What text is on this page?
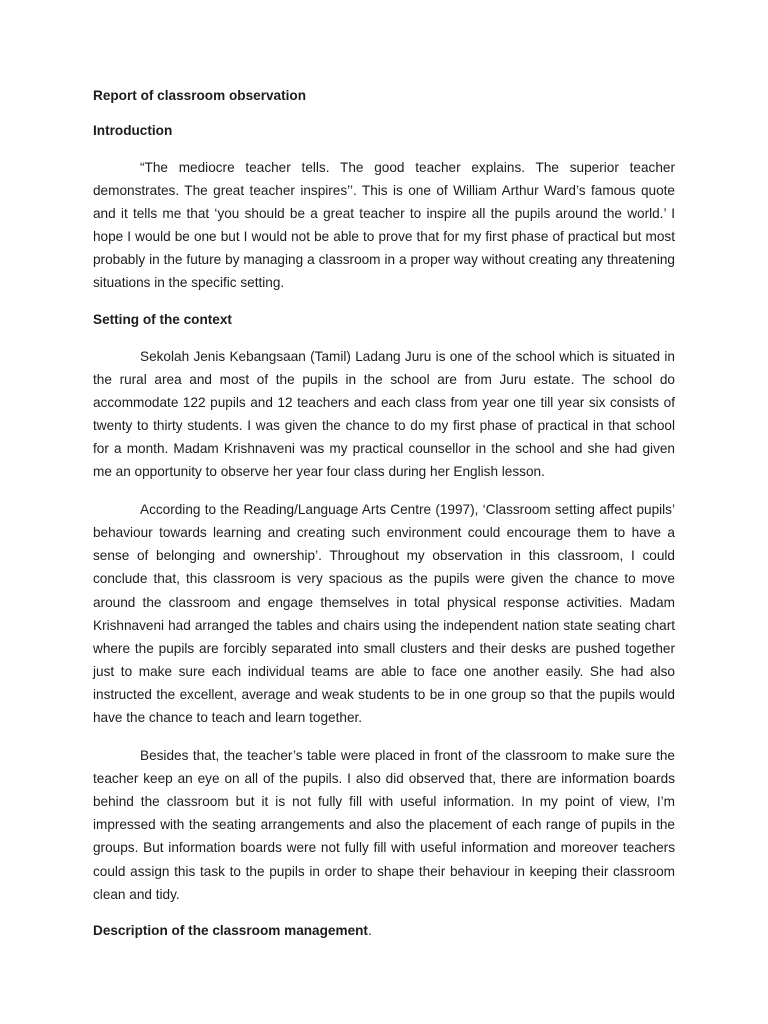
Report of classroom observation

Introduction

“The mediocre teacher tells. The good teacher explains. The superior teacher demonstrates. The great teacher inspires’’. This is one of William Arthur Ward’s famous quote and it tells me that ‘you should be a great teacher to inspire all the pupils around the world.’ I hope I would be one but I would not be able to prove that for my first phase of practical but most probably in the future by managing a classroom in a proper way without creating any threatening situations in the specific setting.

Setting of the context

Sekolah Jenis Kebangsaan (Tamil) Ladang Juru is one of the school which is situated in the rural area and most of the pupils in the school are from Juru estate. The school do accommodate 122 pupils and 12 teachers and each class from year one till year six consists of twenty to thirty students. I was given the chance to do my first phase of practical in that school for a month. Madam Krishnaveni was my practical counsellor in the school and she had given me an opportunity to observe her year four class during her English lesson.

According to the Reading/Language Arts Centre (1997), ‘Classroom setting affect pupils’ behaviour towards learning and creating such environment could encourage them to have a sense of belonging and ownership’. Throughout my observation in this classroom, I could conclude that, this classroom is very spacious as the pupils were given the chance to move around the classroom and engage themselves in total physical response activities. Madam Krishnaveni had arranged the tables and chairs using the independent nation state seating chart where the pupils are forcibly separated into small clusters and their desks are pushed together just to make sure each individual teams are able to face one another easily. She had also instructed the excellent, average and weak students to be in one group so that the pupils would have the chance to teach and learn together.

Besides that, the teacher’s table were placed in front of the classroom to make sure the teacher keep an eye on all of the pupils. I also did observed that, there are information boards behind the classroom but it is not fully fill with useful information. In my point of view, I’m impressed with the seating arrangements and also the placement of each range of pupils in the groups. But information boards were not fully fill with useful information and moreover teachers could assign this task to the pupils in order to shape their behaviour in keeping their classroom clean and tidy.

Description of the classroom management.
